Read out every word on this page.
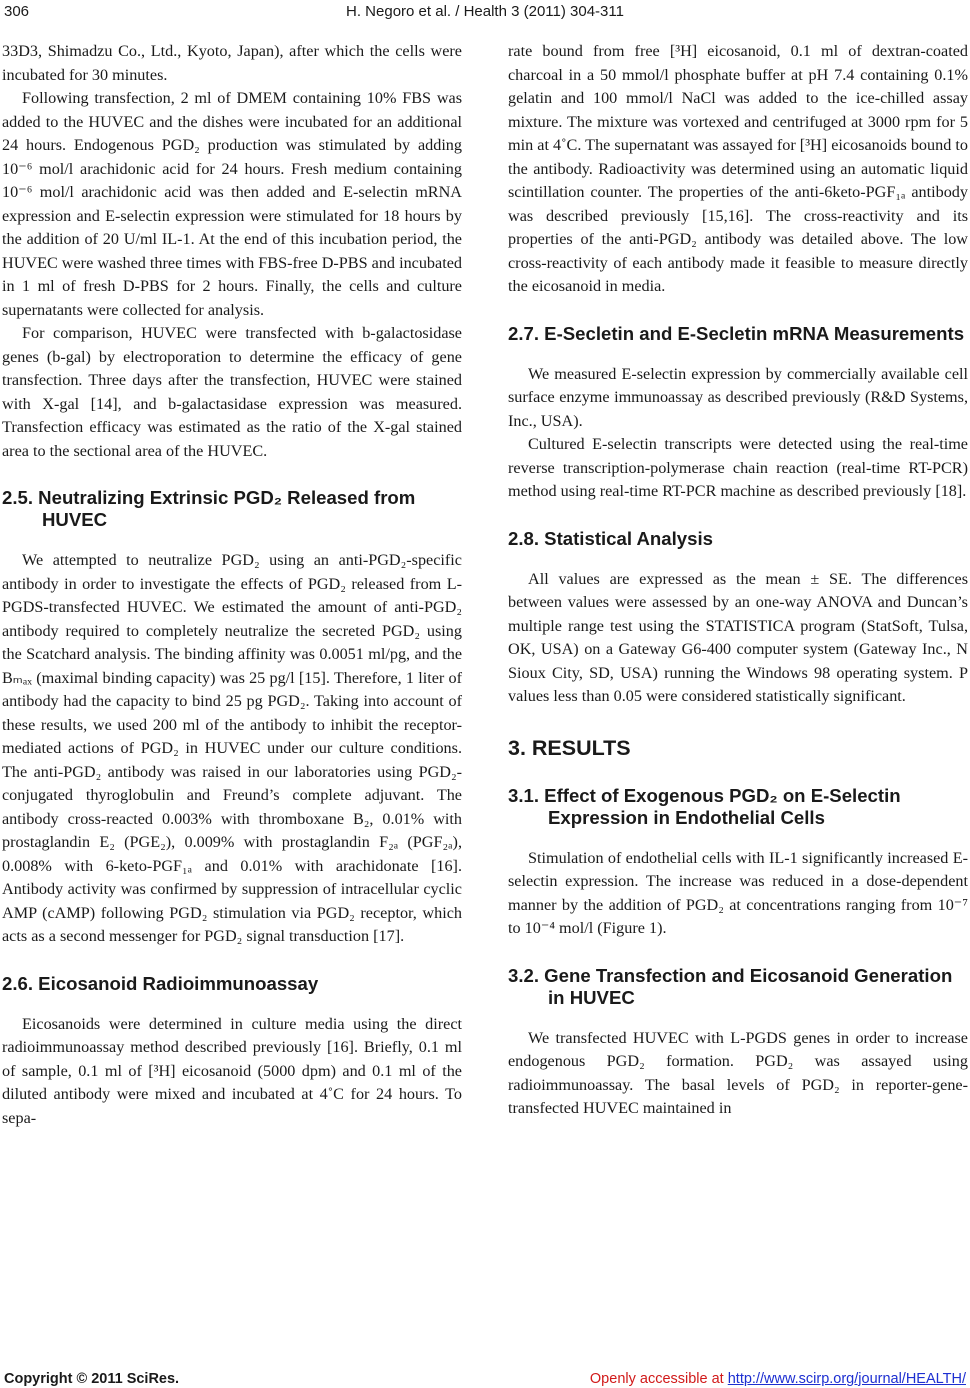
306	H. Negoro et al. / Health 3 (2011) 304-311

33D3, Shimadzu Co., Ltd., Kyoto, Japan), after which the cells were incubated for 30 minutes.

Following transfection, 2 ml of DMEM containing 10% FBS was added to the HUVEC and the dishes were incubated for an additional 24 hours. Endogenous PGD₂ production was stimulated by adding 10⁻⁶ mol/l arachidonic acid for 24 hours. Fresh medium containing 10⁻⁶ mol/l arachidonic acid was then added and E-selectin mRNA expression and E-selectin expression were stimulated for 18 hours by the addition of 20 U/ml IL-1. At the end of this incubation period, the HUVEC were washed three times with FBS-free D-PBS and incubated in 1 ml of fresh D-PBS for 2 hours. Finally, the cells and culture supernatants were collected for analysis.

For comparison, HUVEC were transfected with b-galactosidase genes (b-gal) by electroporation to determine the efficacy of gene transfection. Three days after the transfection, HUVEC were stained with X-gal [14], and b-galactasidase expression was measured. Transfection efficacy was estimated as the ratio of the X-gal stained area to the sectional area of the HUVEC.

2.5. Neutralizing Extrinsic PGD₂ Released from HUVEC

We attempted to neutralize PGD₂ using an anti-PGD₂-specific antibody in order to investigate the effects of PGD₂ released from L-PGDS-transfected HUVEC. We estimated the amount of anti-PGD₂ antibody required to completely neutralize the secreted PGD₂ using the Scatchard analysis. The binding affinity was 0.0051 ml/pg, and the Bₘₐₓ (maximal binding capacity) was 25 pg/l [15]. Therefore, 1 liter of antibody had the capacity to bind 25 pg PGD₂. Taking into account of these results, we used 200 ml of the antibody to inhibit the receptor-mediated actions of PGD₂ in HUVEC under our culture conditions. The anti-PGD₂ antibody was raised in our laboratories using PGD₂-conjugated thyroglobulin and Freund’s complete adjuvant. The antibody cross-reacted 0.003% with thromboxane B₂, 0.01% with prostaglandin E₂ (PGE₂), 0.009% with prostaglandin F₂ₐ (PGF₂ₐ), 0.008% with 6-keto-PGF₁ₐ and 0.01% with arachidonate [16]. Antibody activity was confirmed by suppression of intracellular cyclic AMP (cAMP) following PGD₂ stimulation via PGD₂ receptor, which acts as a second messenger for PGD₂ signal transduction [17].

2.6. Eicosanoid Radioimmunoassay

Eicosanoids were determined in culture media using the direct radioimmunoassay method described previously [16]. Briefly, 0.1 ml of sample, 0.1 ml of [³H] eicosanoid (5000 dpm) and 0.1 ml of the diluted antibody were mixed and incubated at 4˚C for 24 hours. To sepa-

rate bound from free [³H] eicosanoid, 0.1 ml of dextran-coated charcoal in a 50 mmol/l phosphate buffer at pH 7.4 containing 0.1% gelatin and 100 mmol/l NaCl was added to the ice-chilled assay mixture. The mixture was vortexed and centrifuged at 3000 rpm for 5 min at 4˚C. The supernatant was assayed for [³H] eicosanoids bound to the antibody. Radioactivity was determined using an automatic liquid scintillation counter. The properties of the anti-6keto-PGF₁ₐ antibody was described previously [15,16]. The cross-reactivity and its properties of the anti-PGD₂ antibody was detailed above. The low cross-reactivity of each antibody made it feasible to measure directly the eicosanoid in media.

2.7. E-Secletin and E-Secletin mRNA Measurements

We measured E-selectin expression by commercially available cell surface enzyme immunoassay as described previously (R&D Systems, Inc., USA).

Cultured E-selectin transcripts were detected using the real-time reverse transcription-polymerase chain reaction (real-time RT-PCR) method using real-time RT-PCR machine as described previously [18].

2.8. Statistical Analysis

All values are expressed as the mean ± SE. The differences between values were assessed by an one-way ANOVA and Duncan’s multiple range test using the STATISTICA program (StatSoft, Tulsa, OK, USA) on a Gateway G6-400 computer system (Gateway Inc., N Sioux City, SD, USA) running the Windows 98 operating system. P values less than 0.05 were considered statistically significant.

3. RESULTS
3.1. Effect of Exogenous PGD₂ on E-Selectin Expression in Endothelial Cells

Stimulation of endothelial cells with IL-1 significantly increased E-selectin expression. The increase was reduced in a dose-dependent manner by the addition of PGD₂ at concentrations ranging from 10⁻⁷ to 10⁻⁴ mol/l (Figure 1).

3.2. Gene Transfection and Eicosanoid Generation in HUVEC

We transfected HUVEC with L-PGDS genes in order to increase endogenous PGD₂ formation. PGD₂ was assayed using radioimmunoassay. The basal levels of PGD₂ in reporter-gene-transfected HUVEC maintained in

Copyright © 2011 SciRes.	Openly accessible at http://www.scirp.org/journal/HEALTH/
